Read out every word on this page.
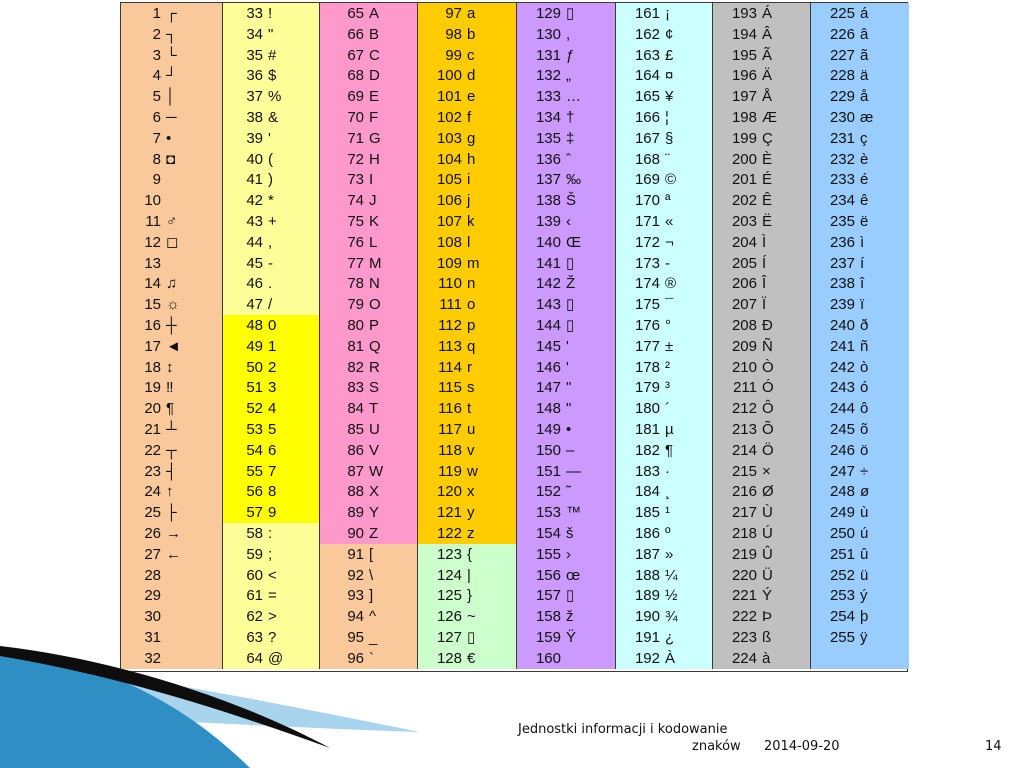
1 ┌
2 ┐
3 └
4 ┘
5 │
6 ─
7 •
8 ◘
9
10
11 ♂
12 ◻
13
14 ♫
15 ☼
16 ┼
17 ◄
18 ↕
19 ‼
20 ¶
21 ┴
22 ┬
23 ┤
24 ↑
25 ├
26 →
27 ←
28
29
30
31
32
33 !
34 "
35 #
36 $
37 %
38 &
39 '
40 (
41 )
42 *
43 +
44 ,
45 -
46 .
47 /
48 0
49 1
50 2
51 3
52 4
53 5
54 6
55 7
56 8
57 9
58 :
59 ;
60 <
61 =
62 >
63 ?
64 @
65 A
66 B
67 C
68 D
69 E
70 F
71 G
72 H
73 I
74 J
75 K
76 L
77 M
78 N
79 O
80 P
81 Q
82 R
83 S
84 T
85 U
86 V
87 W
88 X
89 Y
90 Z
91 [
92 \
93 ]
94 ^
95 _
96 `
97 a
98 b
99 c
100 d
101 e
102 f
103 g
104 h
105 i
106 j
107 k
108 l
109 m
110 n
111 o
112 p
113 q
114 r
115 s
116 t
117 u
118 v
119 w
120 x
121 y
122 z
123 {
124 |
125 }
126 ~
127 ▯
128 €
129 ▯
130 ,
131 ƒ
132 „
133 …
134 †
135 ‡
136 ˆ
137 ‰
138 Š
139 ‹
140 Œ
141 ▯
142 Ž
143 ▯
144 ▯
145 '
146 '
147 "
148 "
149 •
150 –
151 —
152 ˜
153 ™
154 š
155 ›
156 œ
157 ▯
158 ž
159 Ÿ
160
161 ¡
162 ¢
163 £
164 ¤
165 ¥
166 ¦
167 §
168 ¨
169 ©
170 ª
171 «
172 ¬
173 -
174 ®
175 ¯
176 °
177 ±
178 ²
179 ³
180 ´
181 µ
182 ¶
183 ·
184 ¸
185 ¹
186 º
187 »
188 ¼
189 ½
190 ¾
191 ¿
192 À
193 Á
194 Â
195 Ã
196 Ä
197 Å
198 Æ
199 Ç
200 È
201 É
202 Ê
203 Ë
204 Ì
205 Í
206 Î
207 Ï
208 Ð
209 Ñ
210 Ò
211 Ó
212 Ô
213 Õ
214 Ö
215 ×
216 Ø
217 Ù
218 Ú
219 Û
220 Ü
221 Ý
222 Þ
223 ß
224 à
225 á
226 â
227 ã
228 ä
229 å
230 æ
231 ç
232 è
233 é
234 ê
235 ë
236 ì
237 í
238 î
239 ï
240 ð
241 ñ
242 ò
243 ó
244 ô
245 õ
246 ö
247 ÷
248 ø
249 ù
250 ú
251 û
252 ü
253 ý
254 þ
255 ÿ
Jednostki informacji i kodowanie
znaków 2014-09-20	14
